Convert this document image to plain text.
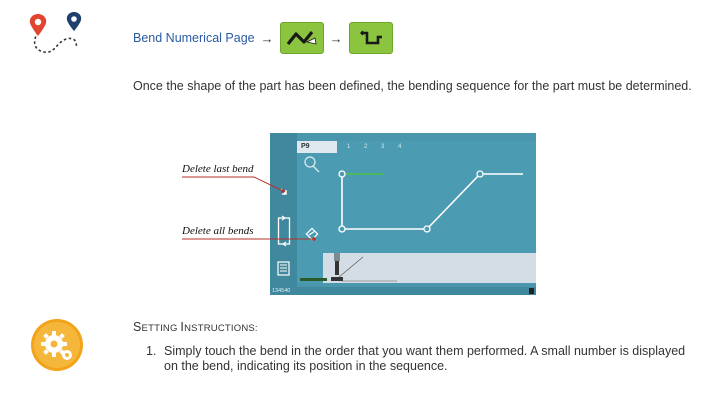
Bend Numerical Page →	→

Once the shape of the part has been defined, the bending sequence for the part must be determined.

P9	1 2 3 4
134540
Delete last bend
Delete all bends
SETTING INSTRUCTIONS:
1. Simply touch the bend in the order that you want them performed. A small number is displayed on the bend, indicating its position in the sequence.
